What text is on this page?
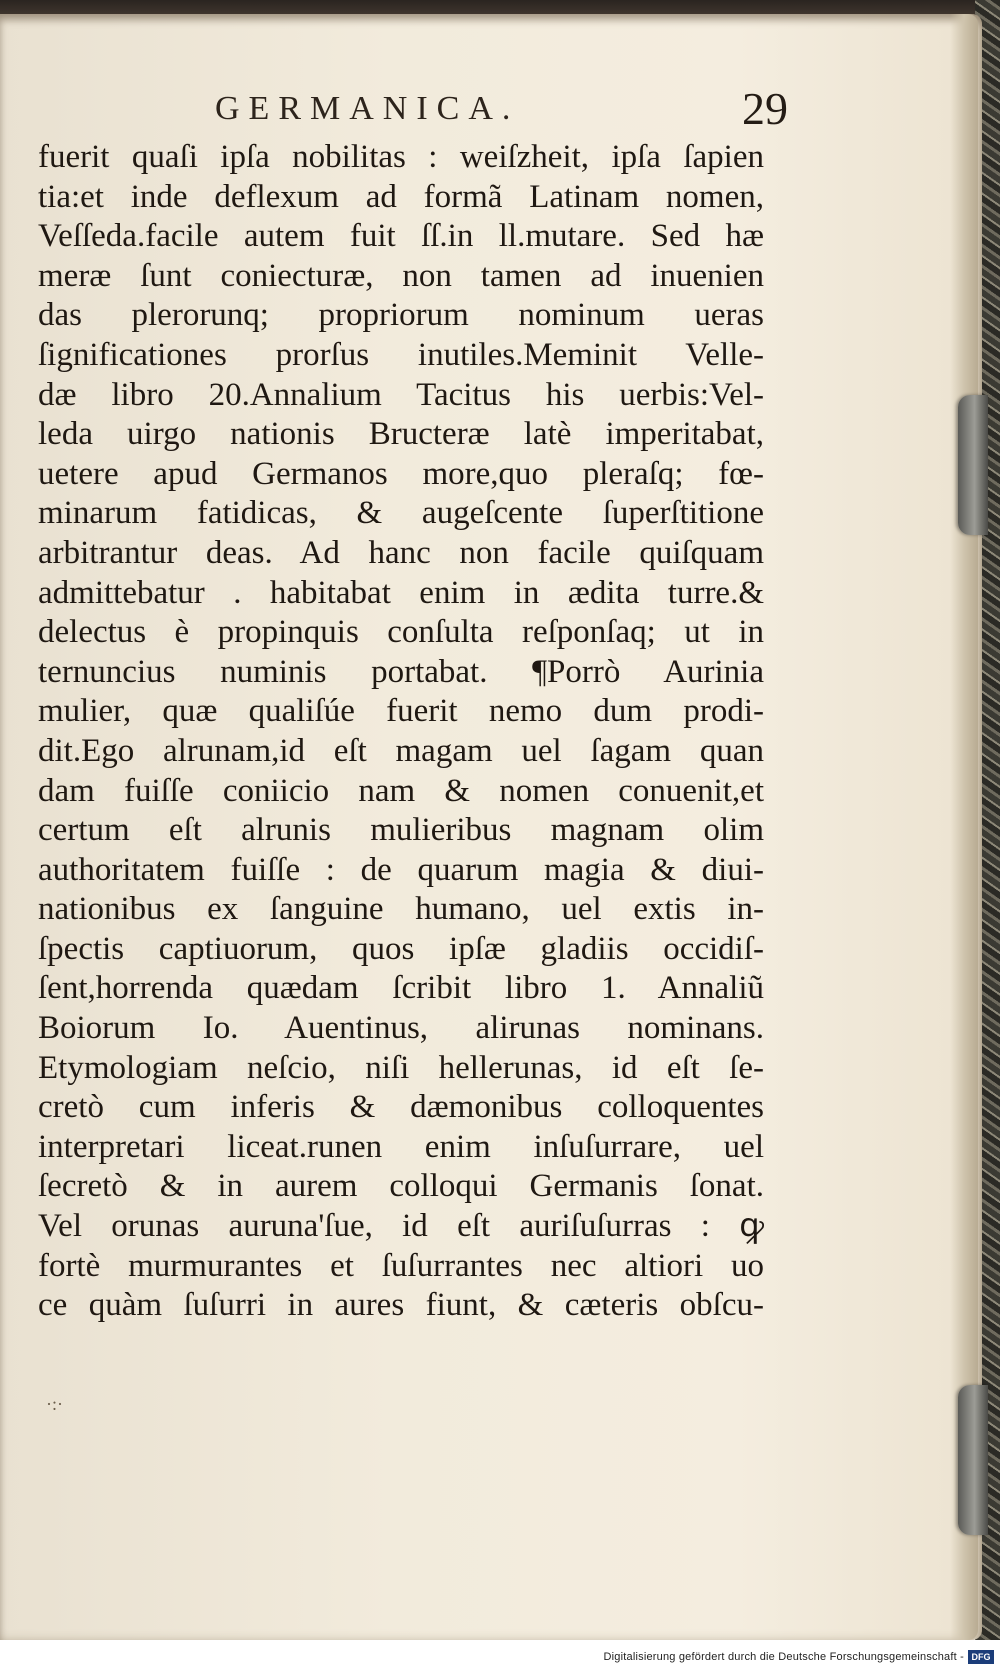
GERMANICA.	29
fuerit quaſi ipſa nobilitas : weiſzheit, ipſa ſapien
tia:et inde deflexum ad formã Latinam nomen,
Veſſeda.facile autem fuit ſſ.in ll.mutare. Sed hæ
meræ ſunt coniecturæ, non tamen ad inuenien
das plerorunq; propriorum nominum ueras
ſignificationes prorſus inutiles.Meminit Velle-
dæ libro 20.Annalium Tacitus his uerbis:Vel-
leda uirgo nationis Bructeræ latè imperitabat,
uetere apud Germanos more,quo pleraſq; fœ-
minarum fatidicas, & augeſcente ſuperſtitione
arbitrantur deas. Ad hanc non facile quiſquam
admittebatur . habitabat enim in ædita turre.&
delectus è propinquis conſulta reſponſaq; ut in
ternuncius numinis portabat. ¶Porrò Aurinia
mulier, quæ qualiſúe fuerit nemo dum prodi-
dit.Ego alrunam,id eſt magam uel ſagam quan
dam fuiſſe coniicio nam & nomen conuenit,et
certum eſt alrunis mulieribus magnam olim
authoritatem fuiſſe : de quarum magia & diui-
nationibus ex ſanguine humano, uel extis in-
ſpectis captiuorum, quos ipſæ gladiis occidiſ-
ſent,horrenda quædam ſcribit libro 1. Annaliũ
Boiorum Io. Auentinus, alirunas nominans.
Etymologiam neſcio, niſi hellerunas, id eſt ſe-
cretò cum inferis & dæmonibus colloquentes
interpretari liceat.runen enim inſuſurrare, uel
ſecretò & in aurem colloqui Germanis ſonat.
Vel orunas auruna'ſue, id eſt auriſuſurras : ꝙ
fortè murmurantes et ſuſurrantes nec altiori uo
ce quàm ſuſurri in aures fiunt, & cæteris obſcu-
·:·
Digitalisierung gefördert durch die Deutsche Forschungsgemeinschaft - DFG
